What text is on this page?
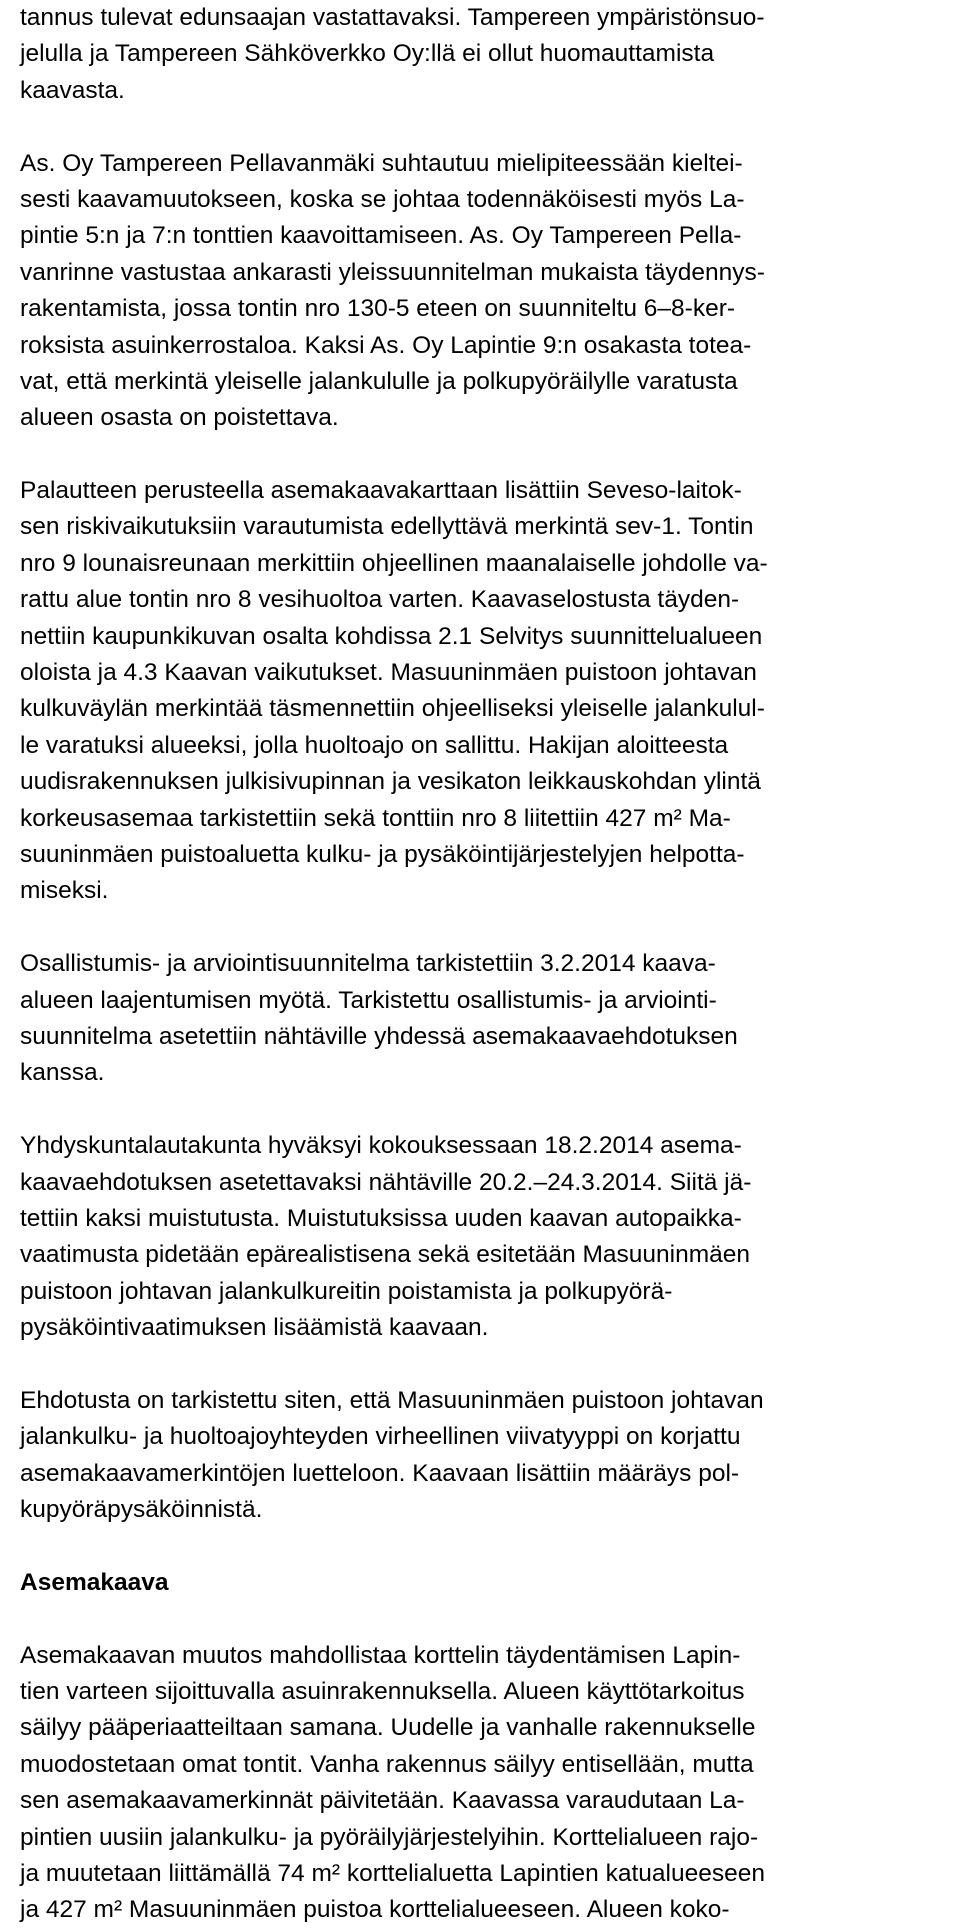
tannus tulevat edunsaajan vastattavaksi. Tampereen ympäristönsuo-
jelulla ja Tampereen Sähköverkko Oy:llä ei ollut huomauttamista
kaavasta.
As. Oy Tampereen Pellavanmäki suhtautuu mielipiteessään kieltei-
sesti kaavamuutokseen, koska se johtaa todennäköisesti myös La-
pintie 5:n ja 7:n tonttien kaavoittamiseen. As. Oy Tampereen Pella-
vanrinne vastustaa ankarasti yleissuunnitelman mukaista täydennys-
rakentamista, jossa tontin nro 130-5 eteen on suunniteltu 6–8-ker-
roksista asuinkerrostaloa. Kaksi As. Oy Lapintie 9:n osakasta totea-
vat, että merkintä yleiselle jalankululle ja polkupyöräilylle varatusta
alueen osasta on poistettava.
Palautteen perusteella asemakaavakarttaan lisättiin Seveso-laitok-
sen riskivaikutuksiin varautumista edellyttävä merkintä sev-1. Tontin
nro 9 lounaisreunaan merkittiin ohjeellinen maanalaiselle johdolle va-
rattu alue tontin nro 8 vesihuoltoa varten. Kaavaselostusta täyden-
nettiin kaupunkikuvan osalta kohdissa 2.1 Selvitys suunnittelualueen
oloista ja 4.3 Kaavan vaikutukset. Masuuninmäen puistoon johtavan
kulkuväylän merkintää täsmennettiin ohjeelliseksi yleiselle jalankulul-
le varatuksi alueeksi, jolla huoltoajo on sallittu. Hakijan aloitteesta
uudisrakennuksen julkisivupinnan ja vesikaton leikkauskohdan ylintä
korkeusasemaa tarkistettiin sekä tonttiin nro 8 liitettiin 427 m² Ma-
suuninmäen puistoaluetta kulku- ja pysäköintijärjestelyjen helpotta-
miseksi.
Osallistumis- ja arviointisuunnitelma tarkistettiin 3.2.2014 kaava-
alueen laajentumisen myötä. Tarkistettu osallistumis- ja arviointi-
suunnitelma asetettiin nähtäville yhdessä asemakaavaehdotuksen
kanssa.
Yhdyskuntalautakunta hyväksyi kokouksessaan 18.2.2014 asema-
kaavaehdotuksen asetettavaksi nähtäville 20.2.–24.3.2014. Siitä jä-
tettiin kaksi muistutusta. Muistutuksissa uuden kaavan autopaikka-
vaatimusta pidetään epärealistisena sekä esitetään Masuuninmäen
puistoon johtavan jalankulkureitin poistamista ja polkupyörä-
pysäköintivaatimuksen lisäämistä kaavaan.
Ehdotusta on tarkistettu siten, että Masuuninmäen puistoon johtavan
jalankulku- ja huoltoajoyhteyden virheellinen viivatyyppi on korjattu
asemakaavamerkintöjen luetteloon. Kaavaan lisättiin määräys pol-
kupyöräpysäköinnistä.
Asemakaava
Asemakaavan muutos mahdollistaa korttelin täydentämisen Lapin-
tien varteen sijoittuvalla asuinrakennuksella. Alueen käyttötarkoitus
säilyy pääperiaatteiltaan samana. Uudelle ja vanhalle rakennukselle
muodostetaan omat tontit. Vanha rakennus säilyy entisellään, mutta
sen asemakaavamerkinnät päivitetään. Kaavassa varaudutaan La-
pintien uusiin jalankulku- ja pyöräilyjärjestelyihin. Korttelialueen rajo-
ja muutetaan liittämällä 74 m² korttelialuetta Lapintien katualueeseen
ja 427 m² Masuuninmäen puistoa korttelialueeseen. Alueen koko-
